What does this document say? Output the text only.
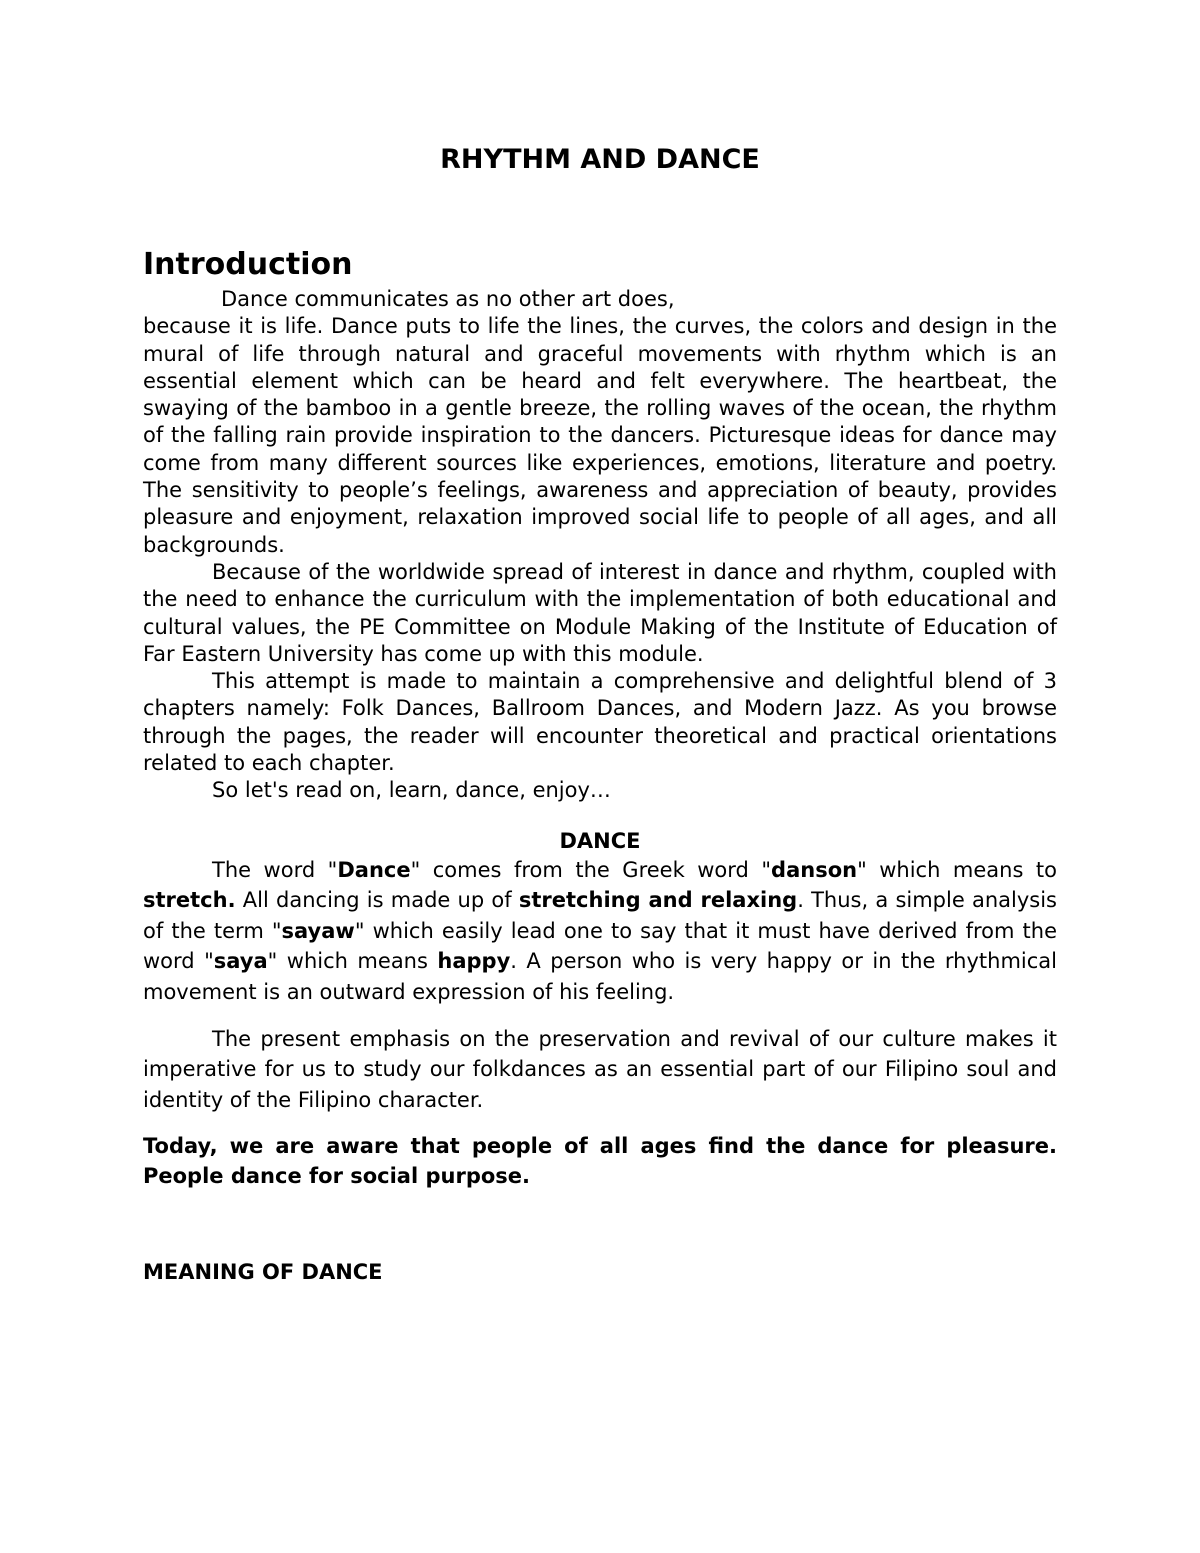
RHYTHM AND DANCE
Introduction

Dance communicates as no other art does,

because it is life. Dance puts to life the lines, the curves, the colors and design in the mural of life through natural and graceful movements with rhythm which is an essential element which can be heard and felt everywhere. The heartbeat, the swaying of the bamboo in a gentle breeze, the rolling waves of the ocean, the rhythm of the falling rain provide inspiration to the dancers. Picturesque ideas for dance may come from many different sources like experiences, emotions, literature and poetry. The sensitivity to people’s feelings, awareness and appreciation of beauty, provides pleasure and enjoyment, relaxation improved social life to people of all ages, and all backgrounds.

Because of the worldwide spread of interest in dance and rhythm, coupled with the need to enhance the curriculum with the implementation of both educational and cultural values, the PE Committee on Module Making of the Institute of Education of Far Eastern University has come up with this module.

This attempt is made to maintain a comprehensive and delightful blend of 3 chapters namely: Folk Dances, Ballroom Dances, and Modern Jazz. As you browse through the pages, the reader will encounter theoretical and practical orientations related to each chapter.

So let's read on, learn, dance, enjoy…

DANCE

The word "Dance" comes from the Greek word "danson" which means to stretch. All dancing is made up of stretching and relaxing. Thus, a simple analysis of the term "sayaw" which easily lead one to say that it must have derived from the word "saya" which means happy. A person who is very happy or in the rhythmical movement is an outward expression of his feeling.

The present emphasis on the preservation and revival of our culture makes it imperative for us to study our folkdances as an essential part of our Filipino soul and identity of the Filipino character.

Today, we are aware that people of all ages find the dance for pleasure. People dance for social purpose.

MEANING OF DANCE
